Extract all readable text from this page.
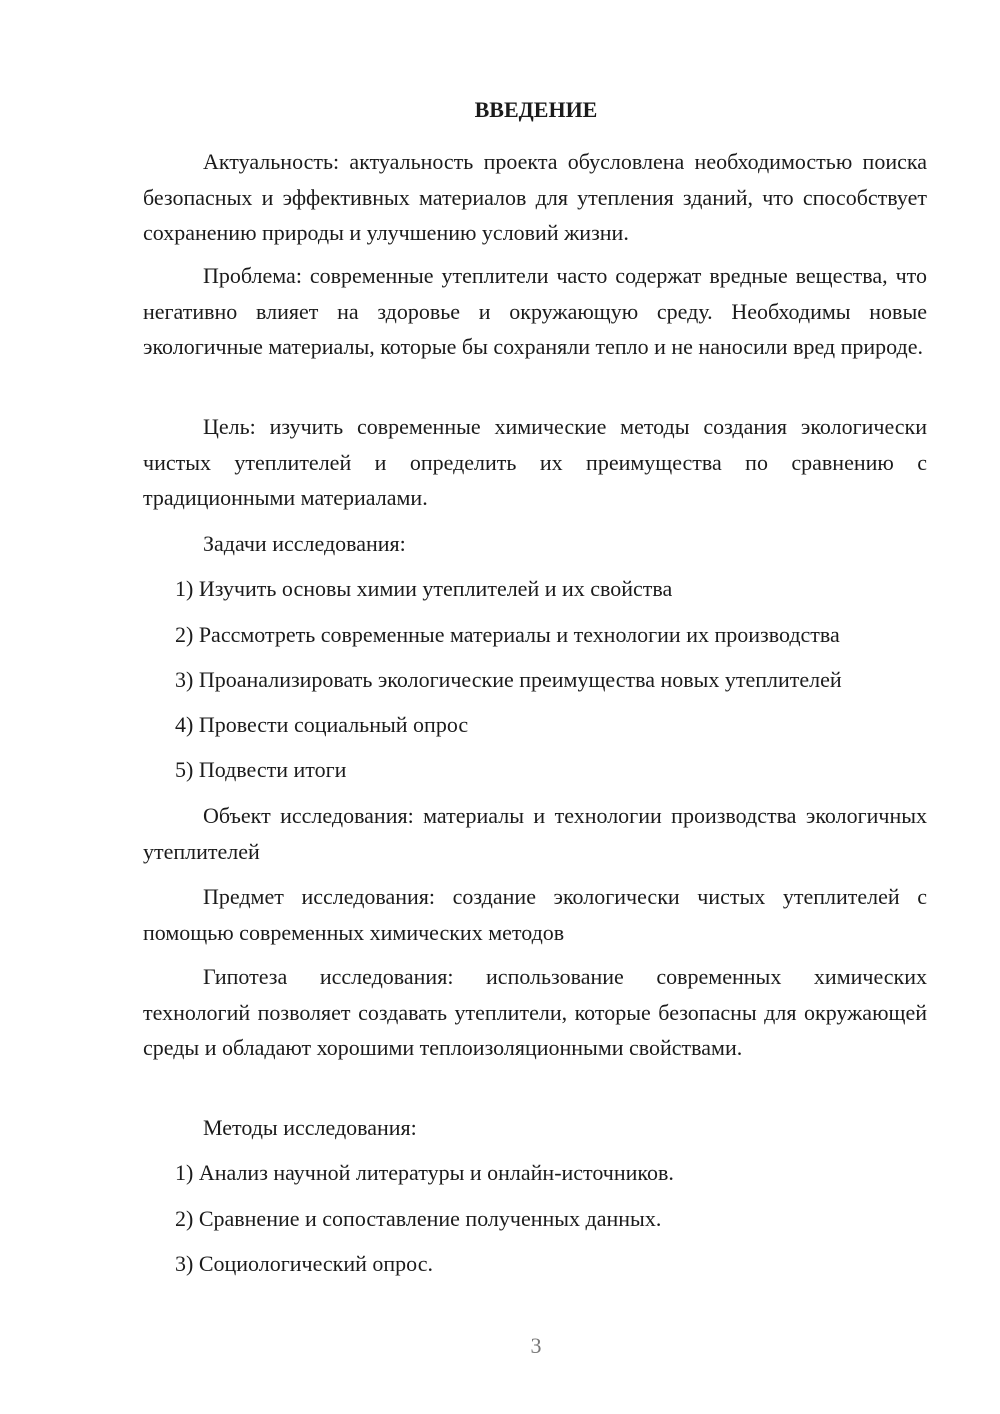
ВВЕДЕНИЕ

Актуальность: актуальность проекта обусловлена необходимостью поиска безопасных и эффективных материалов для утепления зданий, что способствует сохранению природы и улучшению условий жизни.

Проблема: современные утеплители часто содержат вредные вещества, что негативно влияет на здоровье и окружающую среду. Необходимы новые экологичные материалы, которые бы сохраняли тепло и не наносили вред природе.

Цель: изучить современные химические методы создания экологически чистых утеплителей и определить их преимущества по сравнению с традиционными материалами.

Задачи исследования:

1) Изучить основы химии утеплителей и их свойства

2) Рассмотреть современные материалы и технологии их производства

3) Проанализировать экологические преимущества новых утеплителей

4) Провести социальный опрос

5) Подвести итоги

Объект исследования: материалы и технологии производства экологичных утеплителей

Предмет исследования: создание экологически чистых утеплителей с помощью современных химических методов

Гипотеза исследования: использование современных химических технологий позволяет создавать утеплители, которые безопасны для окружающей среды и обладают хорошими теплоизоляционными свойствами.

Методы исследования:

1) Анализ научной литературы и онлайн-источников.

2) Сравнение и сопоставление полученных данных.

3) Социологический опрос.

3
